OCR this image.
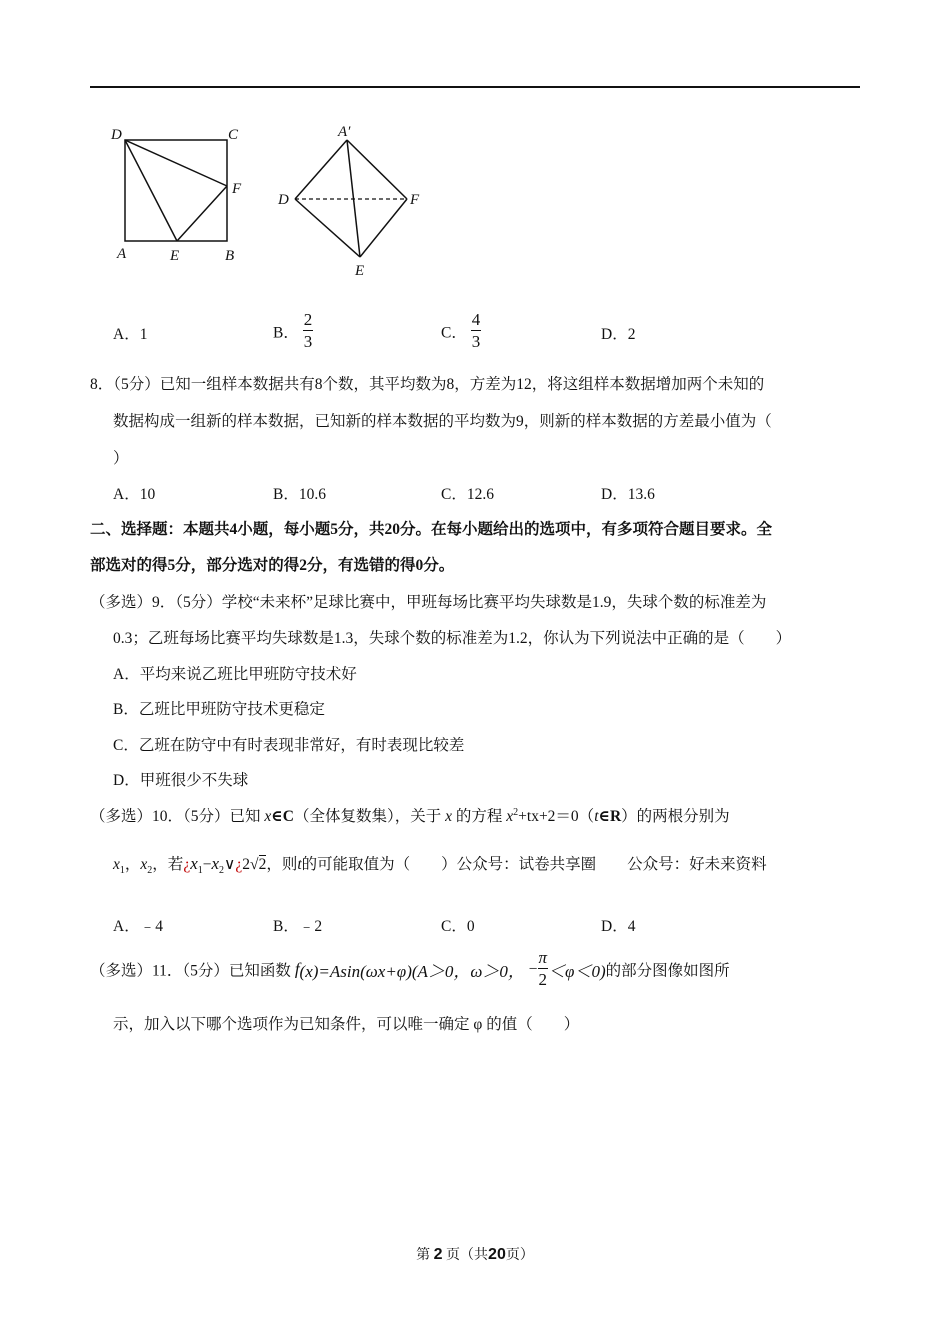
D	C
F
A	E	B
A′
D	F
E
A．1	B． $\frac{2}{3}$	C． $\frac{4}{3}$	D．2
8．（5分）已知一组样本数据共有8个数，其平均数为8，方差为12，将这组样本数据增加两个未知的
数据构成一组新的样本数据，已知新的样本数据的平均数为9，则新的样本数据的方差最小值为（
）
A．10	B．10.6	C．12.6	D．13.6
二、选择题：本题共4小题，每小题5分，共20分。在每小题给出的选项中，有多项符合题目要求。全
部选对的得5分，部分选对的得2分，有选错的得0分。
（多选）9．（5分）学校“未来杯”足球比赛中，甲班每场比赛平均失球数是1.9，失球个数的标准差为
0.3；乙班每场比赛平均失球数是1.3，失球个数的标准差为1.2，你认为下列说法中正确的是（　　）
A．平均来说乙班比甲班防守技术好
B．乙班比甲班防守技术更稳定
C．乙班在防守中有时表现非常好，有时表现比较差
D．甲班很少不失球
（多选）10．（5分）已知 x∈C（全体复数集），关于 x 的方程 $x^2+tx+2=0(t\in R)$的两根分别为
$x_1$，$x_2$，若¿$x_1-x_2\vee¿2√2$，则t的可能取值为（　　）公众号：试卷共享圈　　公众号：好未来资料
A．﹣4	B．﹣2	C．0	D．4
（多选）11．（5分）已知函数 f(x)=Asin(ωx+φ)(A＞0，ω＞0， − $\frac{\pi}{2} <\varphi<0$)的部分图像如图所
示，加入以下哪个选项作为已知条件，可以唯一确定 φ 的值（　　）
第 2 页（共20页）
